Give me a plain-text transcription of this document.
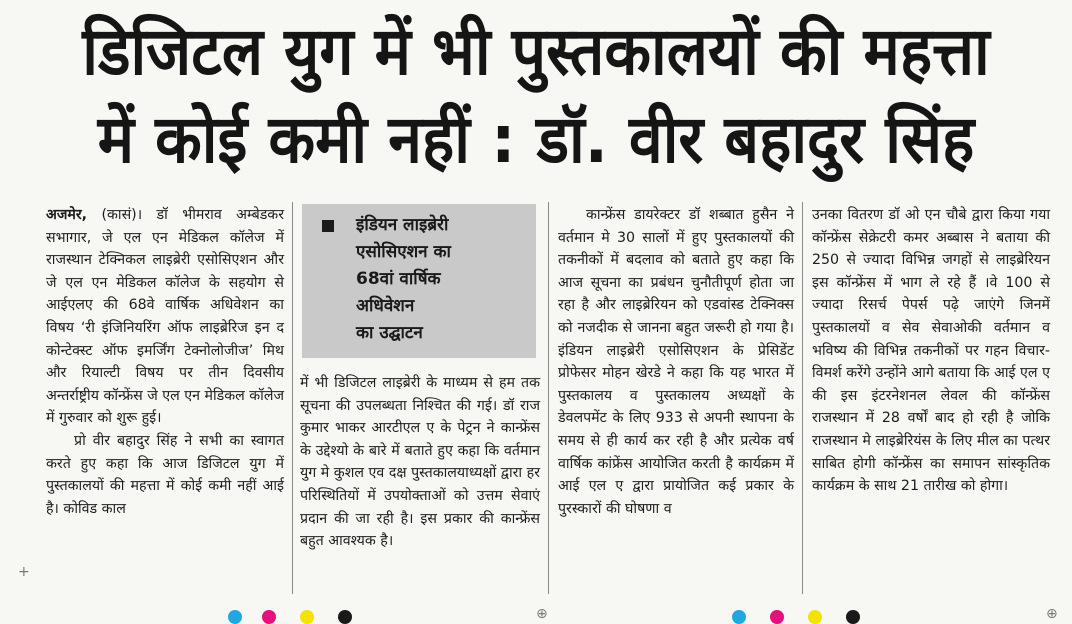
डिजिटल युग में भी पुस्तकालयों की महत्ता
में कोई कमी नहीं : डॉ. वीर बहादुर सिंह

अजमेर, (कासं)। डॉ भीमराव अम्बेडकर सभागार, जे एल एन मेडिकल कॉलेज में राजस्थान टेक्निकल लाइब्रेरी एसोसिएशन और जे एल एन मेडिकल कॉलेज के सहयोग से आईएलए की 68वे वार्षिक अधिवेशन का विषय ‘री इंजिनियरिंग ऑफ लाइब्रेरिज इन द कोन्टेक्स्ट ऑफ इमर्जिंग टेक्नोलोजीज’ मिथ और रियाल्टी विषय पर तीन दिवसीय अन्तर्राष्ट्रीय कॉन्फ्रेंस जे एल एन मेडिकल कॉलेज में गुरुवार को शुरू हुई।

प्रो वीर बहादुर सिंह ने सभी का स्वागत करते हुए कहा कि आज डिजिटल युग में पुस्तकालयों की महत्ता में कोई कमी नहीं आई है। कोविड काल

इंडियन लाइब्रेरी
एसोसिएशन का
68वां वार्षिक
अधिवेशन
का उद्घाटन

में भी डिजिटल लाइब्रेरी के माध्यम से हम तक सूचना की उपलब्धता निश्चित की गई। डॉ राज कुमार भाकर आरटीएल ए के पेट्रन ने कान्फ्रेंस के उद्देश्यो के बारे में बताते हुए कहा कि वर्तमान युग मे कुशल एव दक्ष पुस्तकालयाध्यक्षों द्वारा हर परिस्थितियों में उपयोक्ताओं को उत्तम सेवाएं प्रदान की जा रही है। इस प्रकार की कान्फ्रेंस बहुत आवश्यक है।

कान्फ्रेंस डायरेक्टर डॉ शब्बात हुसैन ने वर्तमान मे 30 सालों में हुए पुस्तकालयों की तकनीकों में बदलाव को बताते हुए कहा कि आज सूचना का प्रबंधन चुनौतीपूर्ण होता जा रहा है और लाइब्रेरियन को एडवांस्ड टेक्निक्स को नजदीक से जानना बहुत जरूरी हो गया है। इंडियन लाइब्रेरी एसोसिएशन के प्रेसिडेंट प्रोफेसर मोहन खेरडे ने कहा कि यह भारत में पुस्तकालय व पुस्तकालय अध्यक्षों के डेवलपमेंट के लिए 933 से अपनी स्थापना के समय से ही कार्य कर रही है और प्रत्येक वर्ष वार्षिक कांफ्रेंस आयोजित करती है कार्यक्रम में आई एल ए द्वारा प्रायोजित कई प्रकार के पुरस्कारों की घोषणा व

उनका वितरण डॉ ओ एन चौबे द्वारा किया गया कॉन्फ्रेंस सेक्रेटरी कमर अब्बास ने बताया की 250 से ज्यादा विभिन्न जगहों से लाइब्रेरियन इस कॉन्फ्रेंस में भाग ले रहे हैं ।वे 100 से ज्यादा रिसर्च पेपर्स पढ़े जाएंगे जिनमें पुस्तकालयों व सेव सेवाओकी वर्तमान व भविष्य की विभिन्न तकनीकों पर गहन विचार-विमर्श करेंगे उन्होंने आगे बताया कि आई एल ए की इस इंटरनेशनल लेवल की कॉन्फ्रेंस राजस्थान में 28 वर्षों बाद हो रही है जोकि राजस्थान मे लाइब्रेरियंस के लिए मील का पत्थर साबित होगी कॉन्फ्रेंस का समापन सांस्कृतिक कार्यक्रम के साथ 21 तारीख को होगा।

+
⊕	⊕
